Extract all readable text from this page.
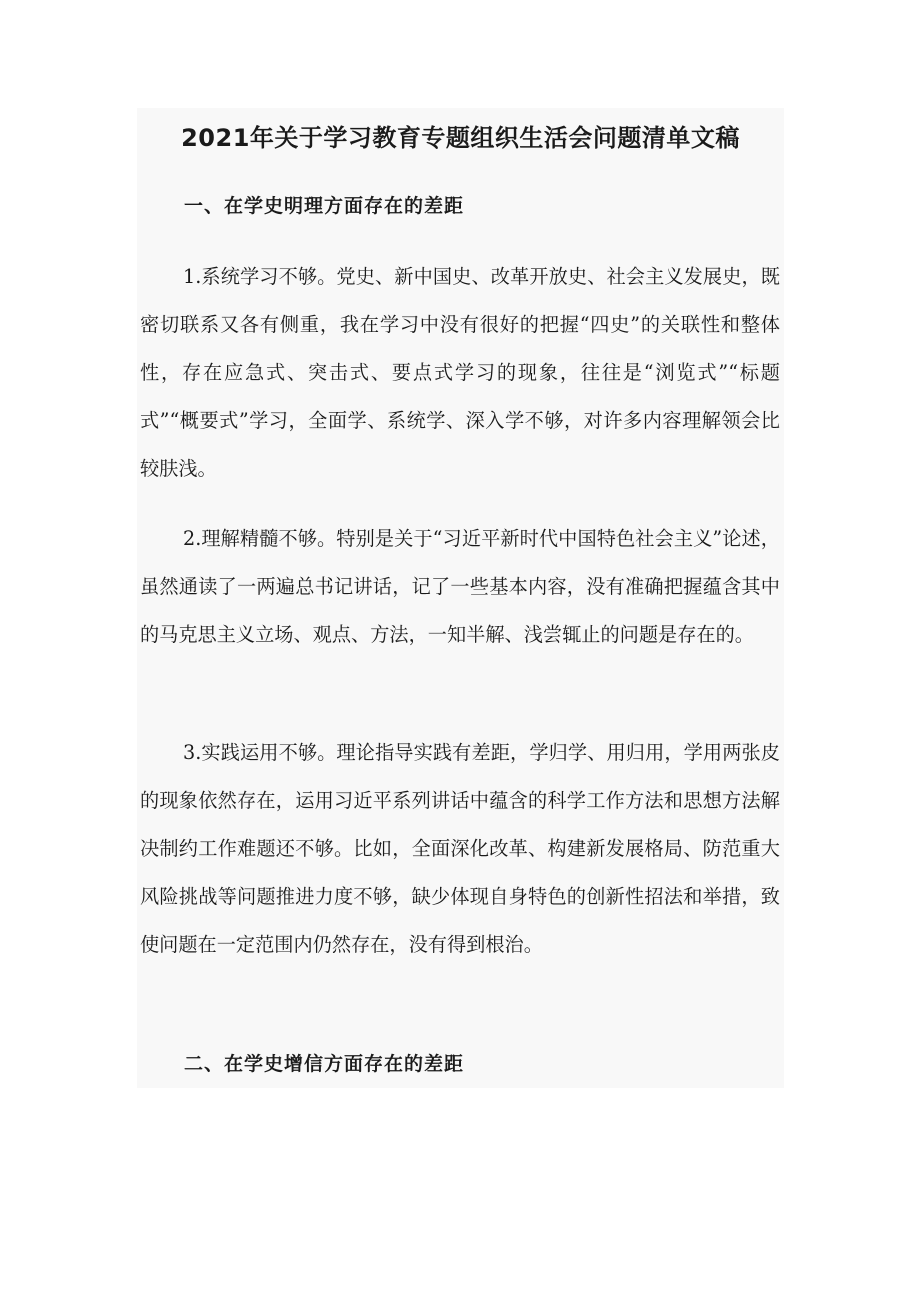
2021年关于学习教育专题组织生活会问题清单文稿
一、在学史明理方面存在的差距

1.系统学习不够。党史、新中国史、改革开放史、社会主义发展史，既密切联系又各有侧重，我在学习中没有很好的把握“四史”的关联性和整体性，存在应急式、突击式、要点式学习的现象，往往是“浏览式”“标题式”“概要式”学习，全面学、系统学、深入学不够，对许多内容理解领会比较肤浅。

2.理解精髓不够。特别是关于“习近平新时代中国特色社会主义”论述，虽然通读了一两遍总书记讲话，记了一些基本内容，没有准确把握蕴含其中的马克思主义立场、观点、方法，一知半解、浅尝辄止的问题是存在的。

3.实践运用不够。理论指导实践有差距，学归学、用归用，学用两张皮的现象依然存在，运用习近平系列讲话中蕴含的科学工作方法和思想方法解决制约工作难题还不够。比如，全面深化改革、构建新发展格局、防范重大风险挑战等问题推进力度不够，缺少体现自身特色的创新性招法和举措，致使问题在一定范围内仍然存在，没有得到根治。

二、在学史增信方面存在的差距
